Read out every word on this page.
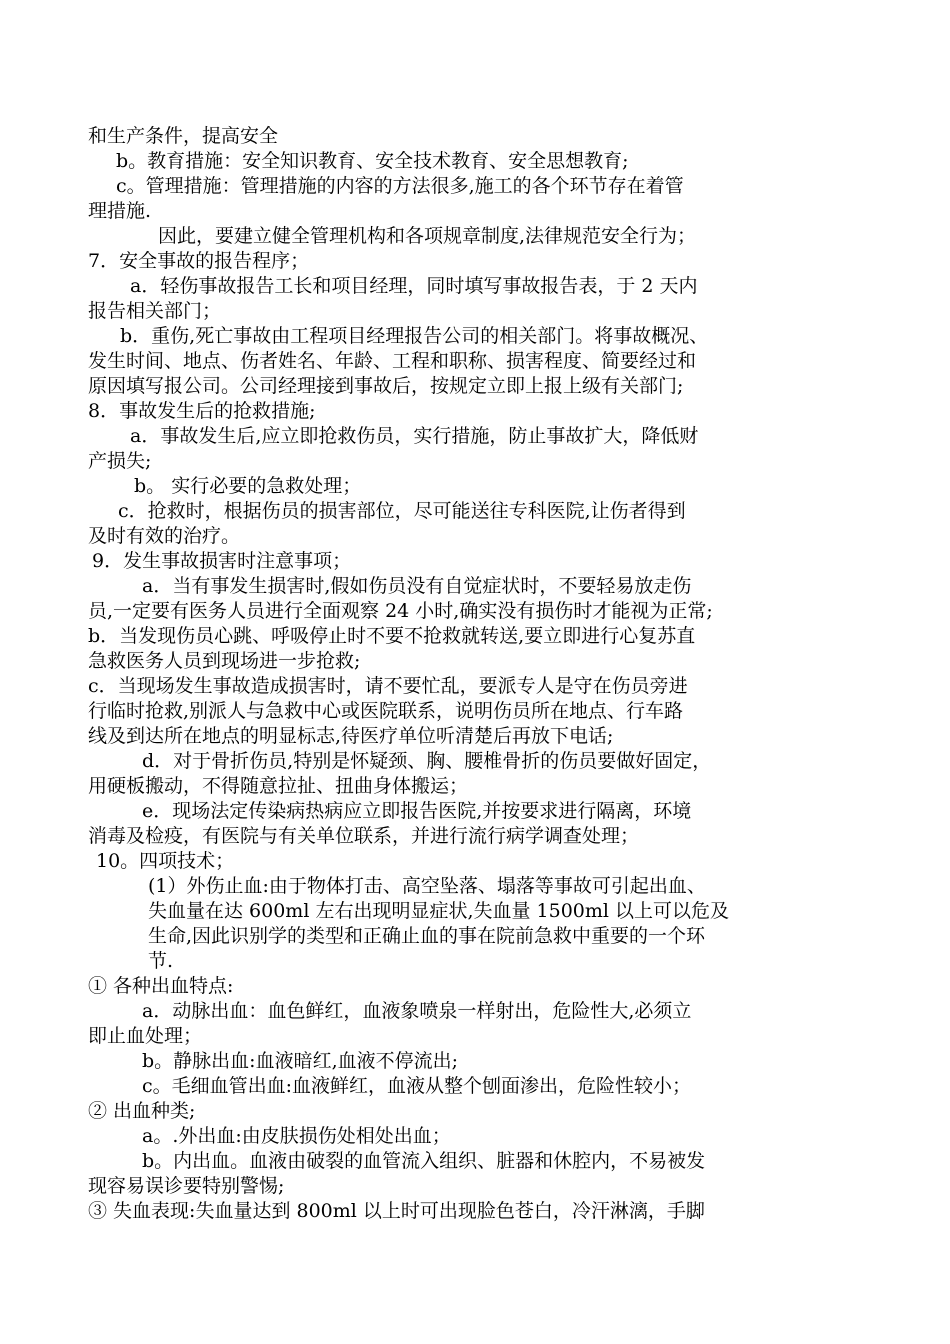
和生产条件，提高安全
b。教育措施：安全知识教育、安全技术教育、安全思想教育;
c。管理措施：管理措施的内容的方法很多,施工的各个环节存在着管
理措施.
因此，要建立健全管理机构和各项规章制度,法律规范安全行为；
7．安全事故的报告程序；
a．轻伤事故报告工长和项目经理，同时填写事故报告表，于 2 天内
报告相关部门；
b．重伤,死亡事故由工程项目经理报告公司的相关部门。将事故概况、
发生时间、地点、伤者姓名、年龄、工程和职称、损害程度、简要经过和
原因填写报公司。公司经理接到事故后，按规定立即上报上级有关部门;
8．事故发生后的抢救措施;
a．事故发生后,应立即抢救伤员，实行措施，防止事故扩大，降低财
产损失;
b。 实行必要的急救处理；
c．抢救时，根据伤员的损害部位，尽可能送往专科医院,让伤者得到
及时有效的治疗。
9．发生事故损害时注意事项；
a．当有事发生损害时,假如伤员没有自觉症状时，不要轻易放走伤
员,一定要有医务人员进行全面观察 24 小时,确实没有损伤时才能视为正常;
b．当发现伤员心跳、呼吸停止时不要不抢救就转送,要立即进行心复苏直
急救医务人员到现场进一步抢救;
c．当现场发生事故造成损害时，请不要忙乱，要派专人是守在伤员旁进
行临时抢救,别派人与急救中心或医院联系，说明伤员所在地点、行车路
线及到达所在地点的明显标志,待医疗单位听清楚后再放下电话;
d．对于骨折伤员,特别是怀疑颈、胸、腰椎骨折的伤员要做好固定，
用硬板搬动，不得随意拉扯、扭曲身体搬运；
e．现场法定传染病热病应立即报告医院,并按要求进行隔离，环境
消毒及检疫，有医院与有关单位联系，并进行流行病学调查处理；
10。四项技术；
(1）外伤止血:由于物体打击、高空坠落、塌落等事故可引起出血、
失血量在达 600ml 左右出现明显症状,失血量 1500ml 以上可以危及
生命,因此识别学的类型和正确止血的事在院前急救中重要的一个环
节.
① 各种出血特点:
a．动脉出血：血色鲜红，血液象喷泉一样射出，危险性大,必须立
即止血处理；
b。静脉出血:血液暗红,血液不停流出;
c。毛细血管出血:血液鲜红，血液从整个刨面渗出，危险性较小；
② 出血种类;
a。.外出血:由皮肤损伤处相处出血；
b。内出血。血液由破裂的血管流入组织、脏器和休腔内，不易被发
现容易误诊要特别警惕;
③ 失血表现:失血量达到 800ml 以上时可出现脸色苍白，冷汗淋漓，手脚
